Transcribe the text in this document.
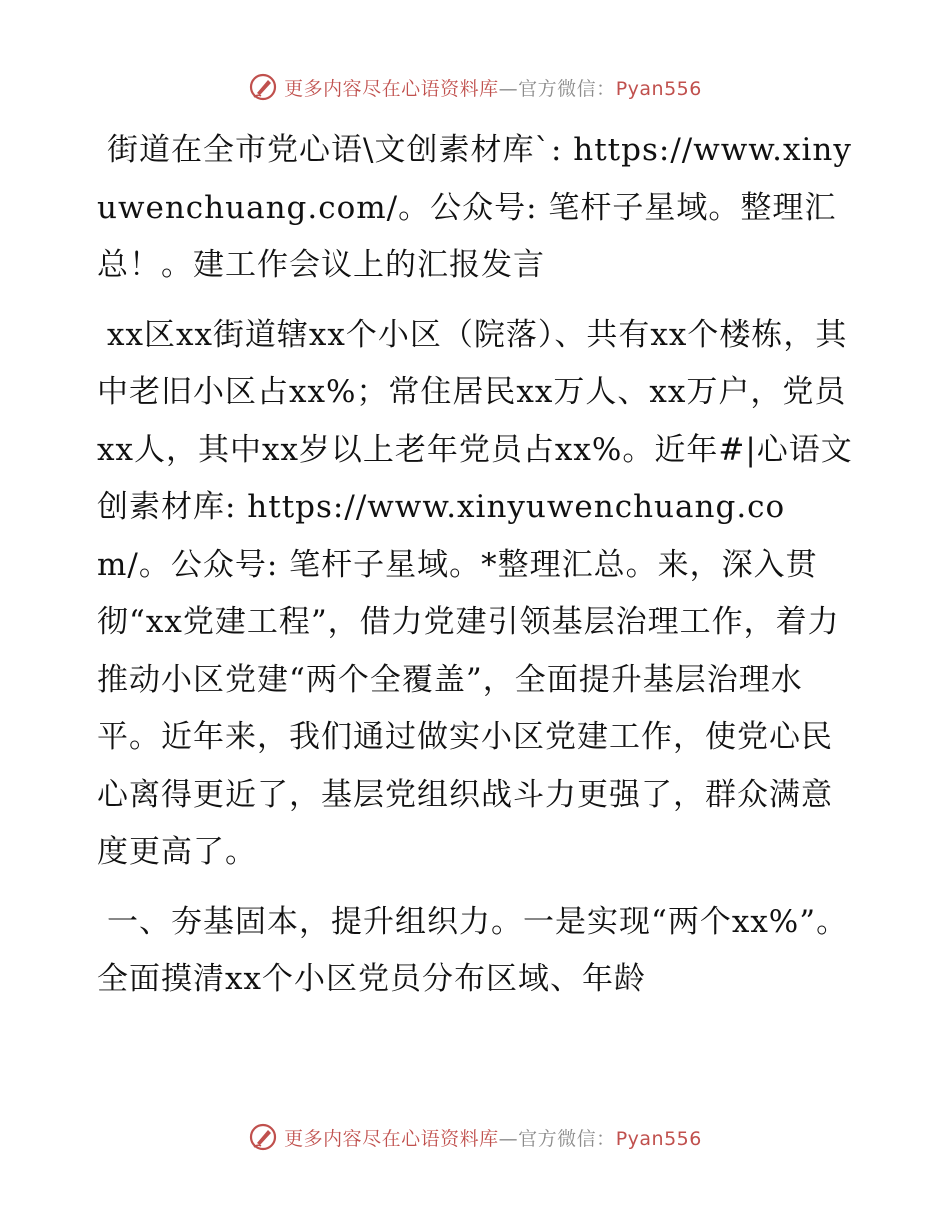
更多内容尽在心语资料库—官方微信：Pyan556

街道在全市党心语\文创素材库`: https://www.xinyuwenchuang.com/。公众号: 笔杆子星域。整理汇总！。建工作会议上的汇报发言

xx区xx街道辖xx个小区（院落）、共有xx个楼栋，其中老旧小区占xx%；常住居民xx万人、xx万户，党员xx人，其中xx岁以上老年党员占xx%。近年#|心语文创素材库: https://www.xinyuwenchuang.com/。公众号: 笔杆子星域。*整理汇总。来，深入贯彻“xx党建工程”，借力党建引领基层治理工作，着力推动小区党建“两个全覆盖”，全面提升基层治理水平。近年来，我们通过做实小区党建工作，使党心民心离得更近了，基层党组织战斗力更强了，群众满意度更高了。

一、夯基固本，提升组织力。一是实现“两个xx%”。全面摸清xx个小区党员分布区域、年龄

更多内容尽在心语资料库—官方微信：Pyan556
